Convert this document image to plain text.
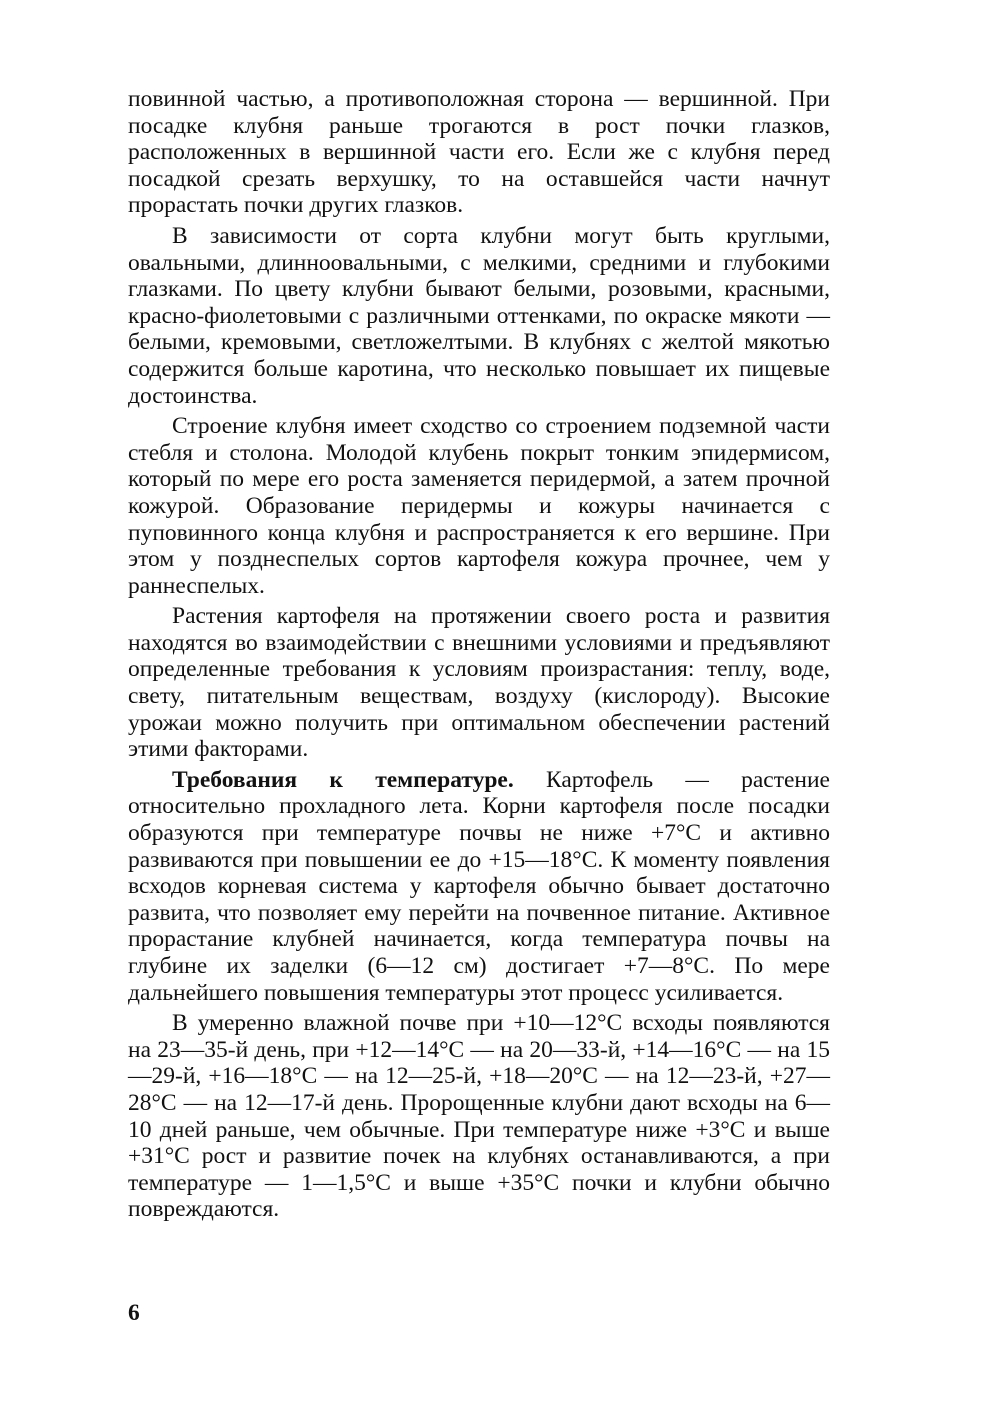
повинной частью, а противоположная сторона — вершинной. При посадке клубня раньше трогаются в рост почки глазков, расположенных в вершинной части его. Если же с клубня перед посадкой срезать верхушку, то на оставшейся части начнут прорастать почки других глазков.

В зависимости от сорта клубни могут быть круглыми, овальными, длинноовальными, с мелкими, средними и глубокими глазками. По цвету клубни бывают белыми, розовыми, красными, красно-фиолетовыми с различными оттенками, по окраске мякоти — белыми, кремовыми, светложелтыми. В клубнях с желтой мякотью содержится больше каротина, что несколько повышает их пищевые достоинства.

Строение клубня имеет сходство со строением подземной части стебля и столона. Молодой клубень покрыт тонким эпидермисом, который по мере его роста заменяется перидермой, а затем прочной кожурой. Образование перидермы и кожуры начинается с пуповинного конца клубня и распространяется к его вершине. При этом у позднеспелых сортов картофеля кожура прочнее, чем у раннеспелых.

Растения картофеля на протяжении своего роста и развития находятся во взаимодействии с внешними условиями и предъявляют определенные требования к условиям произрастания: теплу, воде, свету, питательным веществам, воздуху (кислороду). Высокие урожаи можно получить при оптимальном обеспечении растений этими факторами.

Требования к температуре. Картофель — растение относительно прохладного лета. Корни картофеля после посадки образуются при температуре почвы не ниже +7°С и активно развиваются при повышении ее до +15—18°С. К моменту появления всходов корневая система у картофеля обычно бывает достаточно развита, что позволяет ему перейти на почвенное питание. Активное прорастание клубней начинается, когда температура почвы на глубине их заделки (6—12 см) достигает +7—8°С. По мере дальнейшего повышения температуры этот процесс усиливается.

В умеренно влажной почве при +10—12°С всходы появляются на 23—35-й день, при +12—14°С — на 20—33-й, +14—16°С — на 15—29-й, +16—18°С — на 12—25-й, +18—20°С — на 12—23-й, +27—28°С — на 12—17-й день. Пророщенные клубни дают всходы на 6—10 дней раньше, чем обычные. При температуре ниже +3°С и выше +31°С рост и развитие почек на клубнях останавливаются, а при температуре — 1—1,5°С и выше +35°С почки и клубни обычно повреждаются.

6
